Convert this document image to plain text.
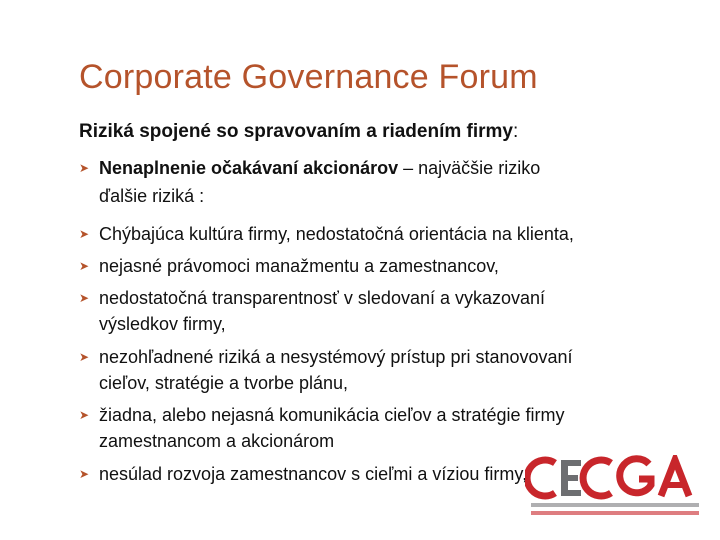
Corporate Governance Forum
Riziká spojené so spravovaním a riadením firmy:
➤ Nenaplnenie očakávaní akcionárov – najväčšie riziko
ďalšie riziká :
➤ Chýbajúca kultúra firmy, nedostatočná orientácia na klienta,
➤ nejasné právomoci manažmentu a zamestnancov,
➤ nedostatočná transparentnosť v sledovaní a vykazovaní
výsledkov firmy,
➤ nezohľadnené riziká a nesystémový prístup pri stanovovaní
cieľov, stratégie a tvorbe plánu,
➤ žiadna, alebo nejasná komunikácia cieľov a stratégie firmy
zamestnancom a akcionárom
➤ nesúlad rozvoja zamestnancov s cieľmi a víziou firmy,
